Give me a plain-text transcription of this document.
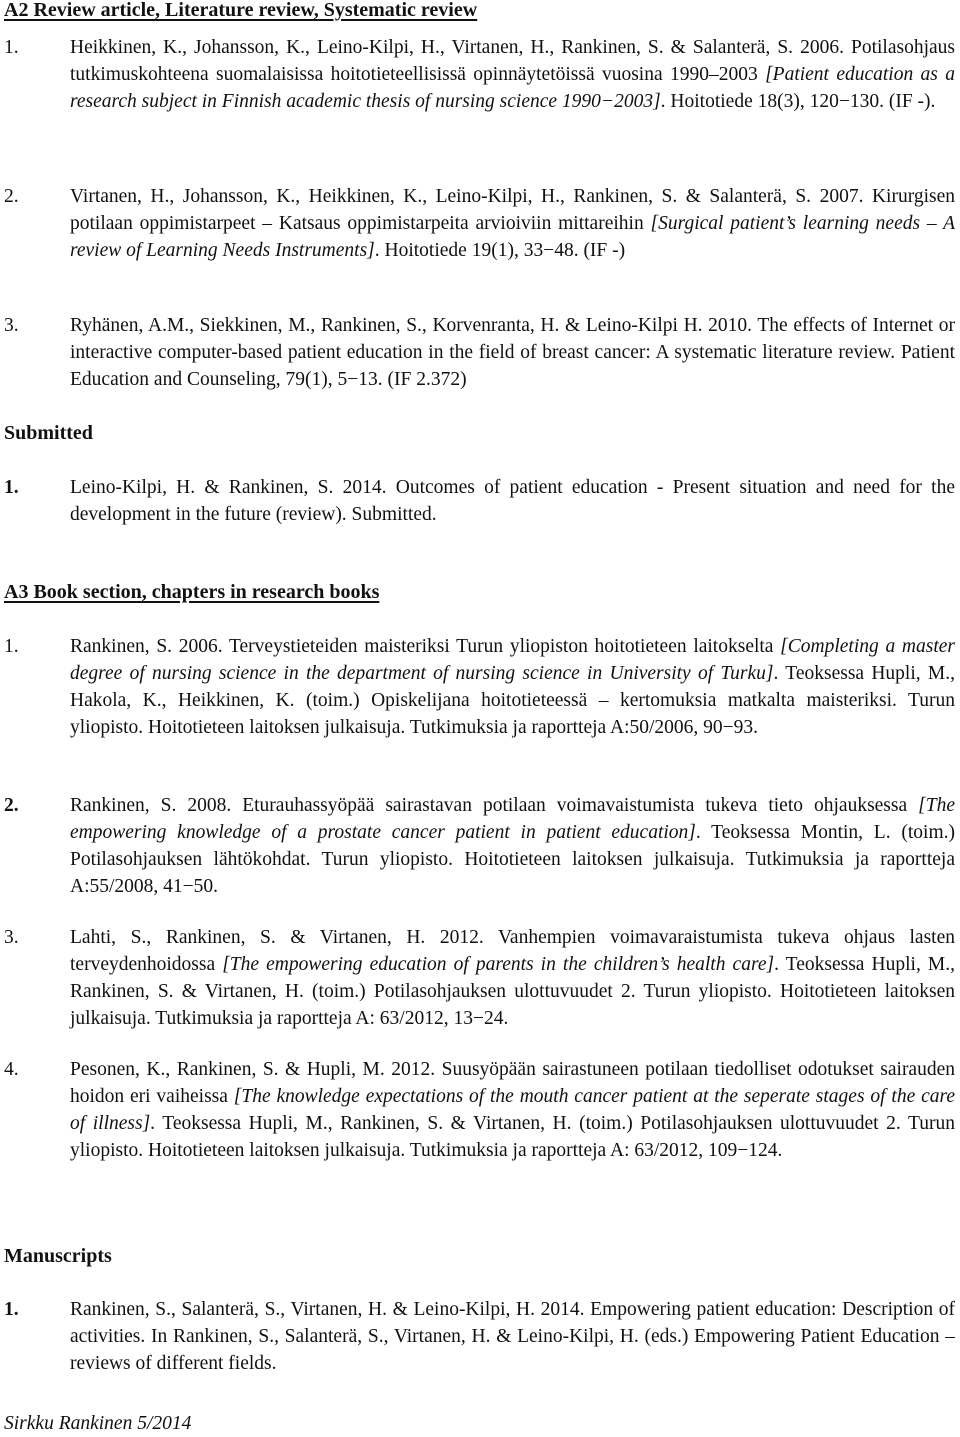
A2 Review article, Literature review, Systematic review
1.	Heikkinen, K., Johansson, K., Leino-Kilpi, H., Virtanen, H., Rankinen, S. & Salanterä, S. 2006. Potilasohjaus tutkimuskohteena suomalaisissa hoitotieteellisissä opinnäytetöissä vuosina 1990–2003 [Patient education as a research subject in Finnish academic thesis of nursing science 1990−2003]. Hoitotiede 18(3), 120−130. (IF -).
2.	Virtanen, H., Johansson, K., Heikkinen, K., Leino-Kilpi, H., Rankinen, S. & Salanterä, S. 2007. Kirurgisen potilaan oppimistarpeet – Katsaus oppimistarpeita arvioiviin mittareihin [Surgical patient’s learning needs – A review of Learning Needs Instruments]. Hoitotiede 19(1), 33−48. (IF -)
3.	Ryhänen, A.M., Siekkinen, M., Rankinen, S., Korvenranta, H. & Leino-Kilpi H. 2010. The effects of Internet or interactive computer-based patient education in the field of breast cancer: A systematic literature review. Patient Education and Counseling, 79(1), 5−13. (IF 2.372)
Submitted
1.	Leino-Kilpi, H. & Rankinen, S. 2014. Outcomes of patient education - Present situation and need for the development in the future (review). Submitted.
A3 Book section, chapters in research books
1.	Rankinen, S. 2006. Terveystieteiden maisteriksi Turun yliopiston hoitotieteen laitokselta [Completing a master degree of nursing science in the department of nursing science in University of Turku]. Teoksessa Hupli, M., Hakola, K., Heikkinen, K. (toim.) Opiskelijana hoitotieteessä – kertomuksia matkalta maisteriksi. Turun yliopisto. Hoitotieteen laitoksen julkaisuja. Tutkimuksia ja raportteja A:50/2006, 90−93.
2.	Rankinen, S. 2008. Eturauhassyöpää sairastavan potilaan voimavaistumista tukeva tieto ohjauksessa [The empowering knowledge of a prostate cancer patient in patient education]. Teoksessa Montin, L. (toim.) Potilasohjauksen lähtökohdat. Turun yliopisto. Hoitotieteen laitoksen julkaisuja. Tutkimuksia ja raportteja A:55/2008, 41−50.
3.	Lahti, S., Rankinen, S. & Virtanen, H. 2012. Vanhempien voimavaraistumista tukeva ohjaus lasten terveydenhoidossa [The empowering education of parents in the children’s health care]. Teoksessa Hupli, M., Rankinen, S. & Virtanen, H. (toim.) Potilasohjauksen ulottuvuudet 2. Turun yliopisto. Hoitotieteen laitoksen julkaisuja. Tutkimuksia ja raportteja A: 63/2012, 13−24.
4.	Pesonen, K., Rankinen, S. & Hupli, M. 2012. Suusyöpään sairastuneen potilaan tiedolliset odotukset sairauden hoidon eri vaiheissa [The knowledge expectations of the mouth cancer patient at the seperate stages of the care of illness]. Teoksessa Hupli, M., Rankinen, S. & Virtanen, H. (toim.) Potilasohjauksen ulottuvuudet 2. Turun yliopisto. Hoitotieteen laitoksen julkaisuja. Tutkimuksia ja raportteja A: 63/2012, 109−124.
Manuscripts
1.	Rankinen, S., Salanterä, S., Virtanen, H. & Leino-Kilpi, H. 2014. Empowering patient education: Description of activities. In Rankinen, S., Salanterä, S., Virtanen, H. & Leino-Kilpi, H. (eds.) Empowering Patient Education – reviews of different fields.
Sirkku Rankinen 5/2014
